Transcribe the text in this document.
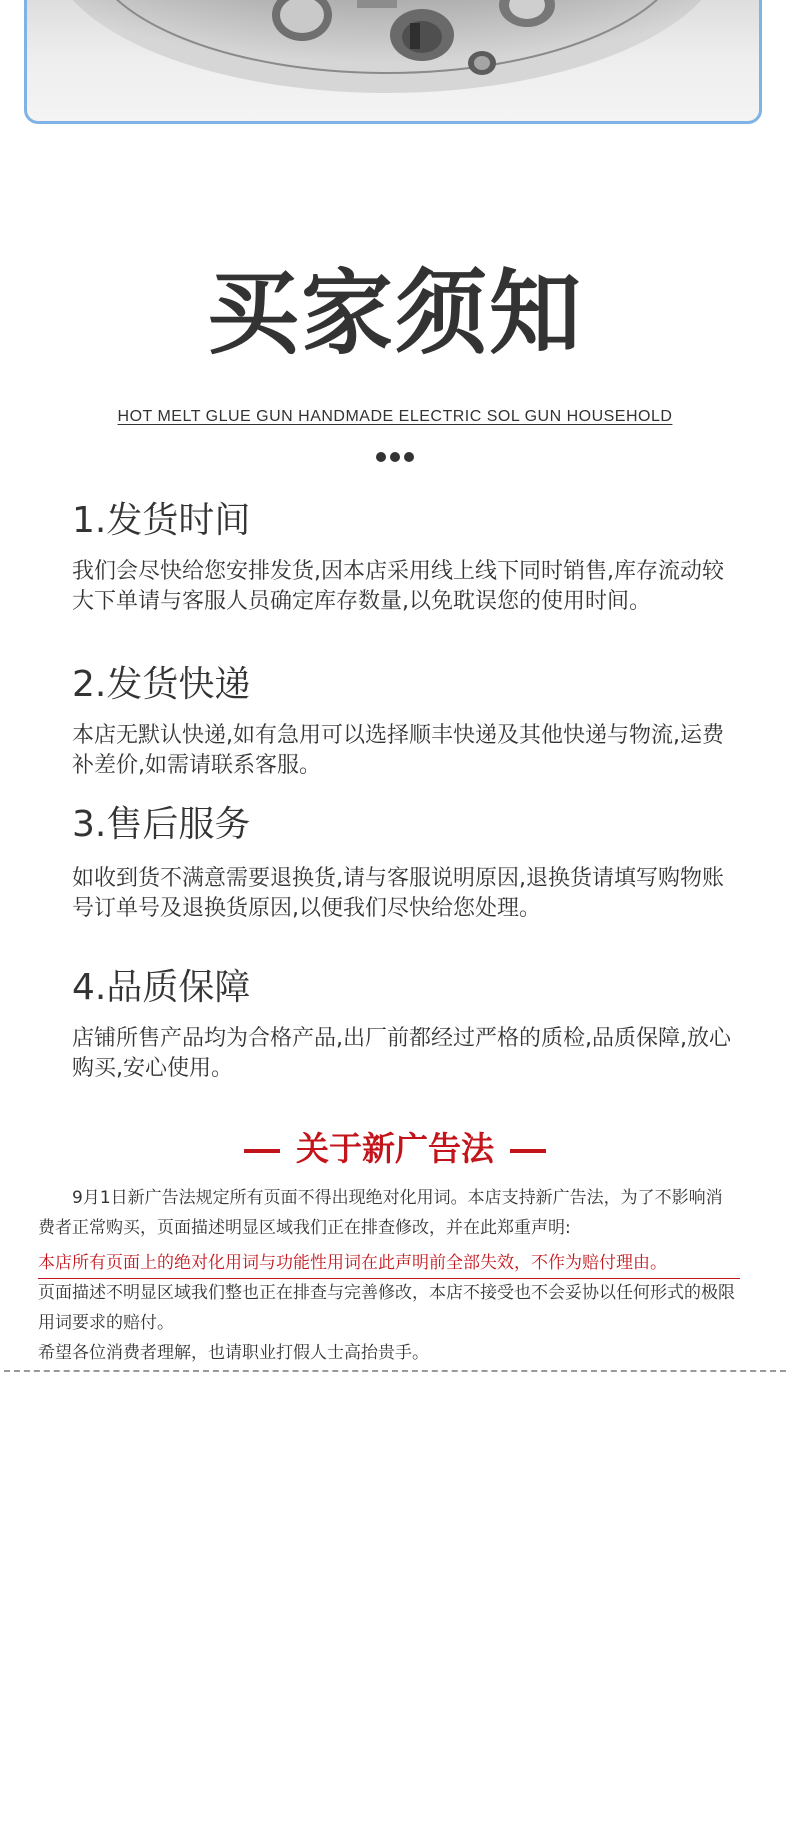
买家须知
HOT MELT GLUE GUN HANDMADE ELECTRIC SOL GUN HOUSEHOLD
1.发货时间
我们会尽快给您安排发货,因本店采用线上线下同时销售,库存流动较大下单请与客服人员确定库存数量,以免耽误您的使用时间。
2.发货快递
本店无默认快递,如有急用可以选择顺丰快递及其他快递与物流,运费补差价,如需请联系客服。
3.售后服务
如收到货不满意需要退换货,请与客服说明原因,退换货请填写购物账号订单号及退换货原因,以便我们尽快给您处理。
4.品质保障
店铺所售产品均为合格产品,出厂前都经过严格的质检,品质保障,放心购买,安心使用。
关于新广告法
9月1日新广告法规定所有页面不得出现绝对化用词。本店支持新广告法，为了不影响消费者正常购买，页面描述明显区域我们正在排查修改，并在此郑重声明:
本店所有页面上的绝对化用词与功能性用词在此声明前全部失效，不作为赔付理由。
页面描述不明显区域我们整也正在排查与完善修改，本店不接受也不会妥协以任何形式的极限用词要求的赔付。
希望各位消费者理解，也请职业打假人士高抬贵手。
